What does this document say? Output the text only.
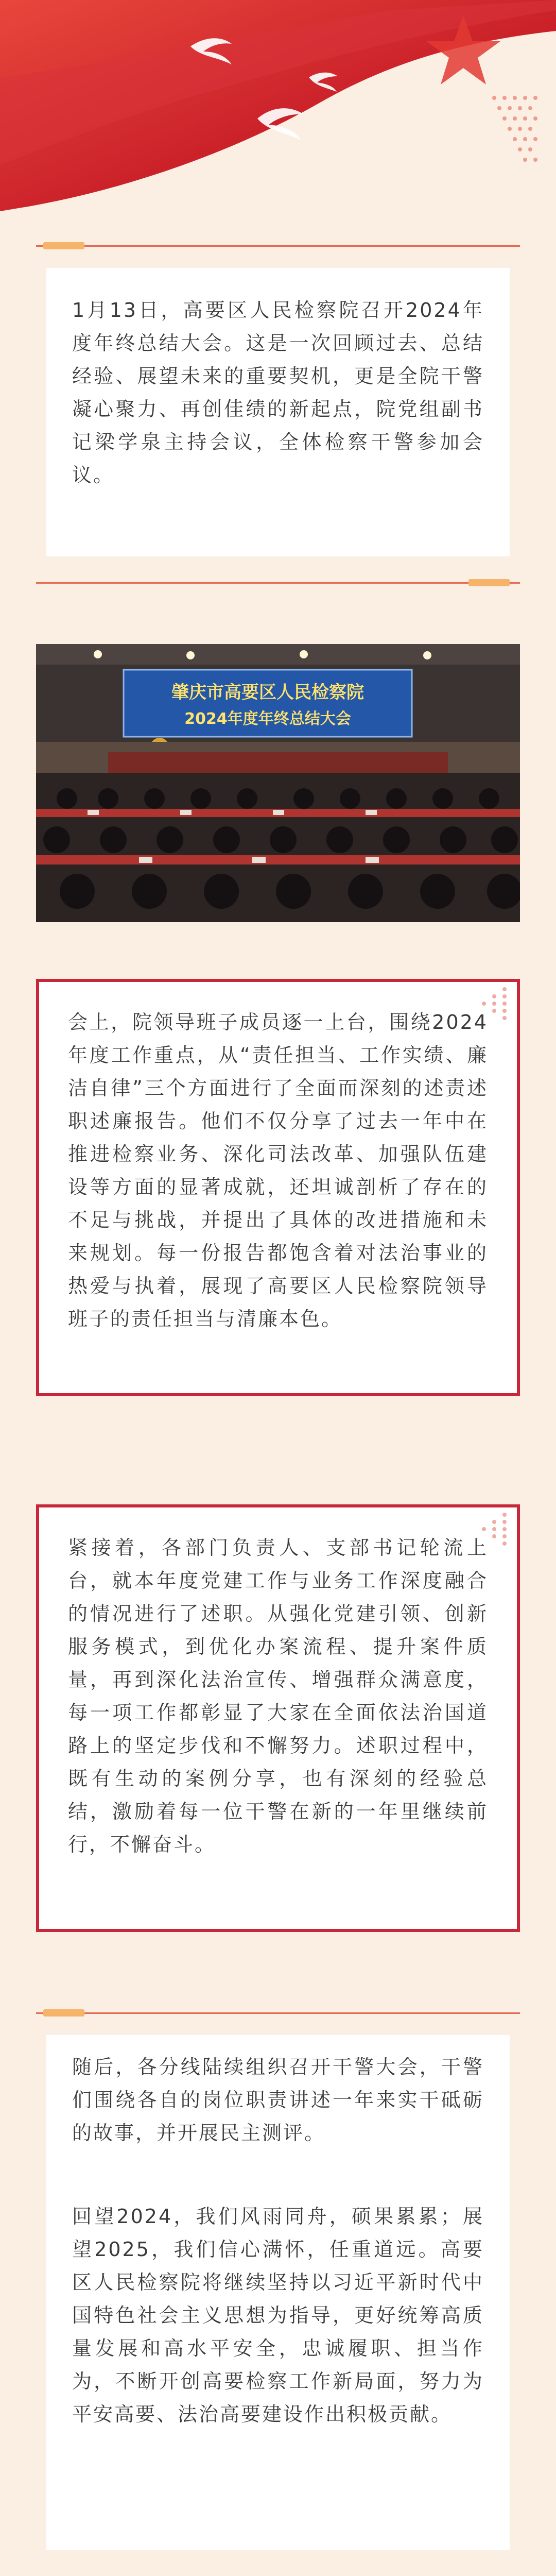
1月13日，高要区人民检察院召开2024年度年终总结大会。这是一次回顾过去、总结经验、展望未来的重要契机，更是全院干警凝心聚力、再创佳绩的新起点，院党组副书记梁学泉主持会议，全体检察干警参加会议。

肇庆市高要区人民检察院
2024年度年终总结大会

会上，院领导班子成员逐一上台，围绕2024年度工作重点，从“责任担当、工作实绩、廉洁自律”三个方面进行了全面而深刻的述责述职述廉报告。他们不仅分享了过去一年中在推进检察业务、深化司法改革、加强队伍建设等方面的显著成就，还坦诚剖析了存在的不足与挑战，并提出了具体的改进措施和未来规划。每一份报告都饱含着对法治事业的热爱与执着，展现了高要区人民检察院领导班子的责任担当与清廉本色。

紧接着，各部门负责人、支部书记轮流上台，就本年度党建工作与业务工作深度融合的情况进行了述职。从强化党建引领、创新服务模式，到优化办案流程、提升案件质量，再到深化法治宣传、增强群众满意度，每一项工作都彰显了大家在全面依法治国道路上的坚定步伐和不懈努力。述职过程中，既有生动的案例分享，也有深刻的经验总结，激励着每一位干警在新的一年里继续前行，不懈奋斗。

随后，各分线陆续组织召开干警大会，干警们围绕各自的岗位职责讲述一年来实干砥砺的故事，并开展民主测评。

回望2024，我们风雨同舟，硕果累累；展望2025，我们信心满怀，任重道远。高要区人民检察院将继续坚持以习近平新时代中国特色社会主义思想为指导，更好统筹高质量发展和高水平安全，忠诚履职、担当作为，不断开创高要检察工作新局面，努力为平安高要、法治高要建设作出积极贡献。
